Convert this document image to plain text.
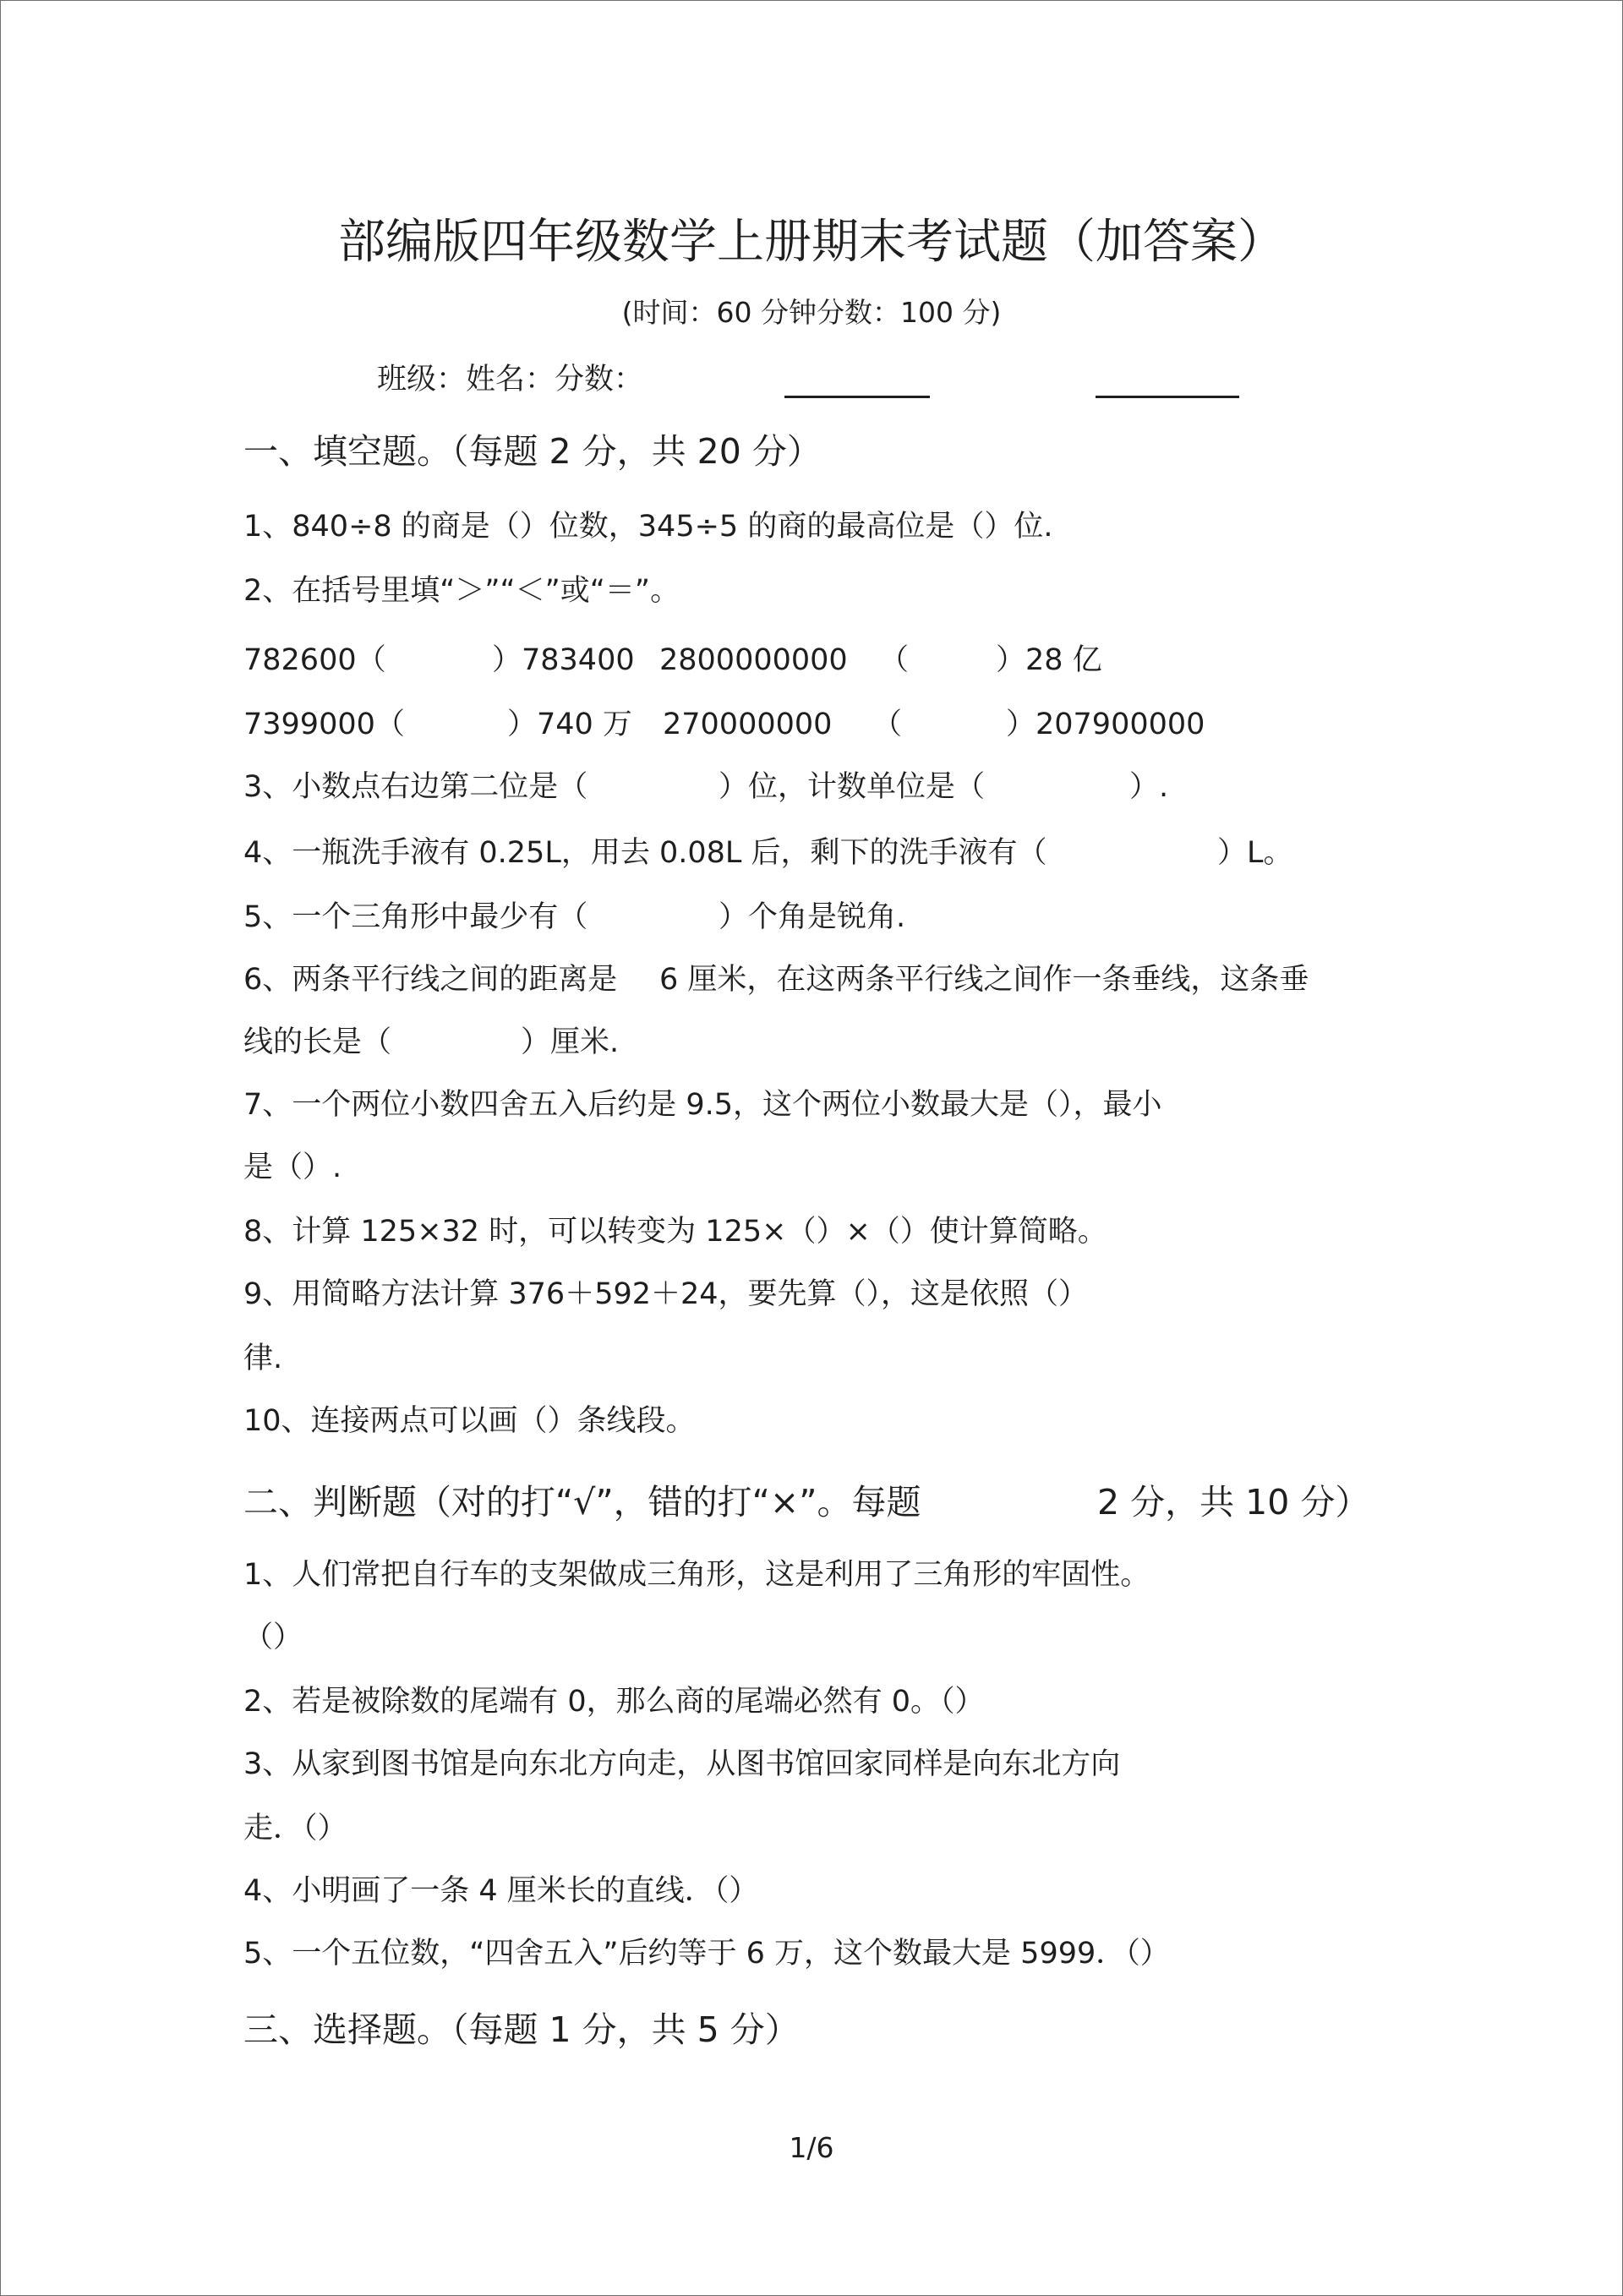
部编版四年级数学上册期末考试题（加答案）
(时间：60 分钟分数：100 分)
班级：姓名：分数：
一、填空题。（每题 2 分，共 20 分）
1、840÷8 的商是（）位数，345÷5 的商的最高位是（）位.
2、在括号里填“＞”“＜”或“＝”。
782600（	）783400 2800000000 （	）28 亿
7399000（	）740 万 270000000 （	）207900000
3、小数点右边第二位是（	）位，计数单位是（	）.
4、一瓶洗手液有 0.25L，用去 0.08L 后，剩下的洗手液有（	）L。
5、一个三角形中最少有（	）个角是锐角.
6、两条平行线之间的距离是 6 厘米，在这两条平行线之间作一条垂线，这条垂
线的长是（	）厘米.
7、一个两位小数四舍五入后约是 9.5，这个两位小数最大是（），最小
是（）.
8、计算 125×32 时，可以转变为 125×（）×（）使计算简略。
9、用简略方法计算 376＋592＋24，要先算（），这是依照（）
律.
10、连接两点可以画（）条线段。
二、判断题（对的打“√”，错的打“×”。每题	2 分，共 10 分）
1、人们常把自行车的支架做成三角形，这是利用了三角形的牢固性。
（）
2、若是被除数的尾端有 0，那么商的尾端必然有 0。（）
3、从家到图书馆是向东北方向走，从图书馆回家同样是向东北方向
走．（）
4、小明画了一条 4 厘米长的直线．（）
5、一个五位数，“四舍五入”后约等于 6 万，这个数最大是 5999．（）
三、选择题。（每题 1 分，共 5 分）
1/6
